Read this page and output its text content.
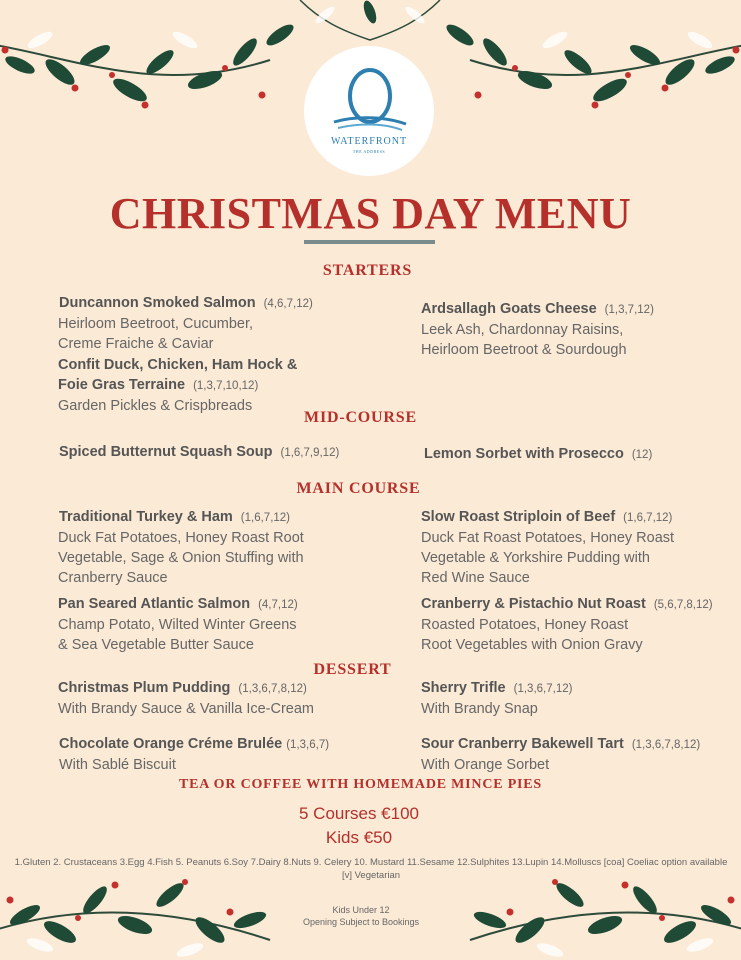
WATERFRONT
THE ADDRESS
CHRISTMAS DAY MENU
STARTERS
Duncannon Smoked Salmon (4,6,7,12)
Heirloom Beetroot, Cucumber,
Creme Fraiche & Caviar
Ardsallagh Goats Cheese (1,3,7,12)
Leek Ash, Chardonnay Raisins,
Heirloom Beetroot & Sourdough
Confit Duck, Chicken, Ham Hock &
Foie Gras Terraine (1,3,7,10,12)
Garden Pickles & Crispbreads
MID-COURSE
Spiced Butternut Squash Soup (1,6,7,9,12)	Lemon Sorbet with Prosecco (12)
MAIN COURSE
Traditional Turkey & Ham (1,6,7,12)
Duck Fat Potatoes, Honey Roast Root
Vegetable, Sage & Onion Stuffing with
Cranberry Sauce
Slow Roast Striploin of Beef (1,6,7,12)
Duck Fat Roast Potatoes, Honey Roast
Vegetable & Yorkshire Pudding with
Red Wine Sauce
Pan Seared Atlantic Salmon (4,7,12)
Champ Potato, Wilted Winter Greens
& Sea Vegetable Butter Sauce
Cranberry & Pistachio Nut Roast (5,6,7,8,12)
Roasted Potatoes, Honey Roast
Root Vegetables with Onion Gravy
DESSERT
Christmas Plum Pudding (1,3,6,7,8,12)
With Brandy Sauce & Vanilla Ice-Cream
Sherry Trifle (1,3,6,7,12)
With Brandy Snap
Chocolate Orange Créme Brulée (1,3,6,7)
With Sablé Biscuit
Sour Cranberry Bakewell Tart (1,3,6,7,8,12)
With Orange Sorbet
TEA OR COFFEE WITH HOMEMADE MINCE PIES
5 Courses €100
Kids €50
1.Gluten 2. Crustaceans 3.Egg 4.Fish 5. Peanuts 6.Soy 7.Dairy 8.Nuts 9. Celery 10. Mustard 11.Sesame 12.Sulphites 13.Lupin 14.Molluscs [coa] Coeliac option available
[v] Vegetarian
Kids Under 12
Opening Subject to Bookings
